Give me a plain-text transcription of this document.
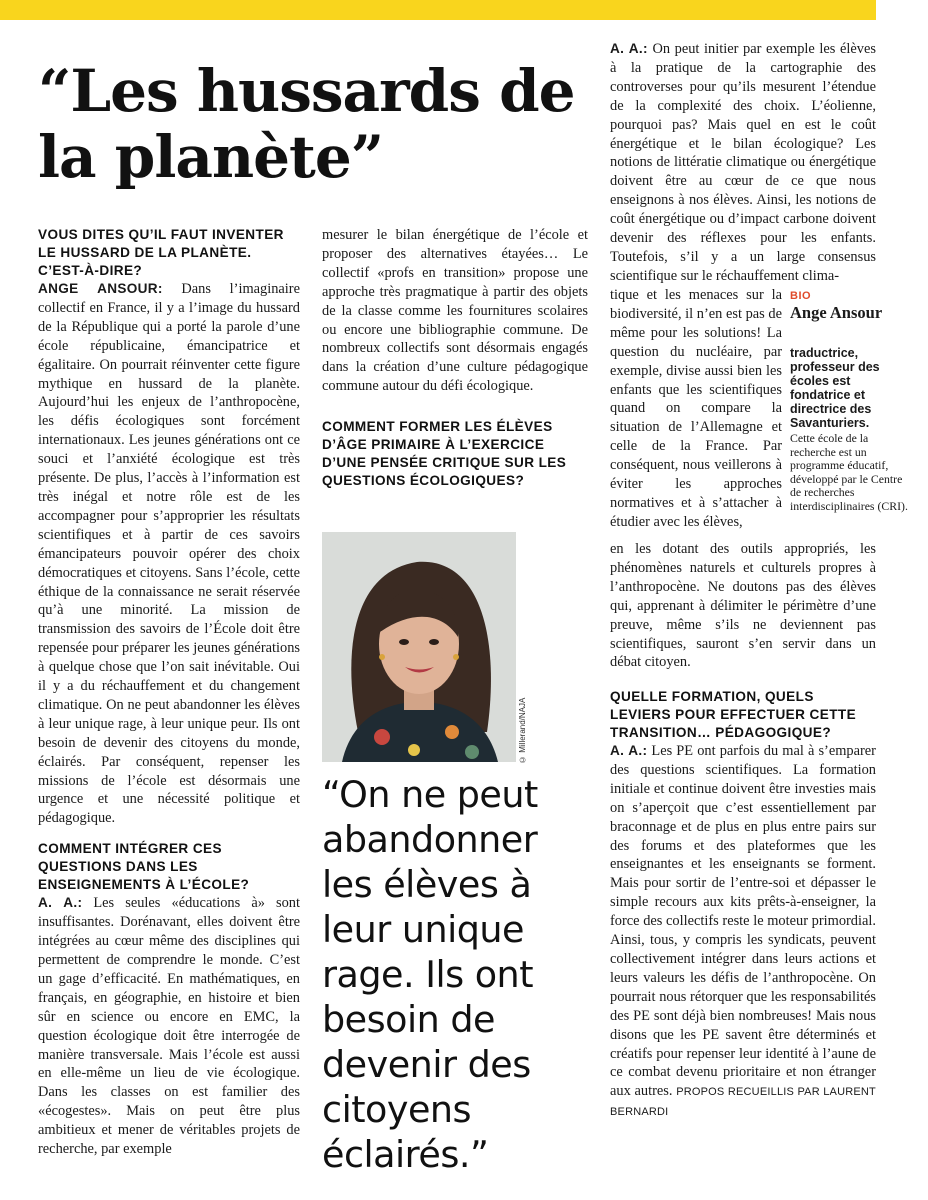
“Les hussards de la planète”

VOUS DITES QU’IL FAUT INVENTER LE HUSSARD DE LA PLANÈTE. C’EST-À-DIRE?

ANGE ANSOUR: Dans l’imaginaire collectif en France, il y a l’image du hussard de la République qui a porté la parole d’une école républicaine, émancipatrice et égalitaire. On pourrait réinventer cette figure mythique en hussard de la planète. Aujourd’hui les enjeux de l’anthropocène, les défis écologiques sont forcément internationaux. Les jeunes générations ont ce souci et l’anxiété écologique est très présente. De plus, l’accès à l’information est très inégal et notre rôle est de les accompagner pour s’approprier les résultats scientifiques et à partir de ces savoirs émancipateurs pouvoir opérer des choix démocratiques et citoyens. Sans l’école, cette éthique de la connaissance ne serait réservée qu’à une minorité. La mission de transmission des savoirs de l’École doit être repensée pour préparer les jeunes générations à quelque chose que l’on sait inévitable. Oui il y a du réchauffement et du changement climatique. On ne peut abandonner les élèves à leur unique rage, à leur unique peur. Ils ont besoin de devenir des citoyens du monde, éclairés. Par conséquent, repenser les missions de l’école est désormais une urgence et une nécessité politique et pédagogique.

COMMENT INTÉGRER CES QUESTIONS DANS LES ENSEIGNEMENTS À L’ÉCOLE?

A. A.: Les seules «éducations à» sont insuffisantes. Dorénavant, elles doivent être intégrées au cœur même des disciplines qui permettent de comprendre le monde. C’est un gage d’efficacité. En mathématiques, en français, en géographie, en histoire et bien sûr en science ou encore en EMC, la question écologique doit être interrogée de manière transversale. Mais l’école est aussi en elle-même un lieu de vie écologique. Dans les classes on est familier des «écogestes». Mais on peut être plus ambitieux et mener de véritables projets de recherche, par exemple

mesurer le bilan énergétique de l’école et proposer des alternatives étayées… Le collectif «profs en transition» propose une approche très pragmatique à partir des objets de la classe comme les fournitures scolaires ou encore une bibliographie commune. De nombreux collectifs sont désormais engagés dans la création d’une culture pédagogique commune autour du défi écologique.

COMMENT FORMER LES ÉLÈVES D’ÂGE PRIMAIRE À L’EXERCICE D’UNE PENSÉE CRITIQUE SUR LES QUESTIONS ÉCOLOGIQUES?

© Millerand/NAJA
“On ne peut abandonner les élèves à leur unique rage. Ils ont besoin de devenir des citoyens éclairés.”

A. A.: On peut initier par exemple les élèves à la pratique de la cartographie des controverses pour qu’ils mesurent l’étendue de la complexité des choix. L’éolienne, pourquoi pas? Mais quel en est le coût énergétique et le bilan écologique? Les notions de littératie climatique ou énergétique doivent être au cœur de ce que nous enseignons à nos élèves. Ainsi, les notions de coût énergétique ou d’impact carbone doivent devenir des réflexes pour les enfants. Toutefois, s’il y a un large consensus scientifique sur le réchauffement clima-

tique et les menaces sur la biodiversité, il n’en est pas de même pour les solutions! La question du nucléaire, par exemple, divise aussi bien les enfants que les scientifiques quand on compare la situation de l’Allemagne et celle de la France. Par conséquent, nous veillerons à éviter les approches normatives et à s’attacher à étudier avec les élèves,

en les dotant des outils appropriés, les phénomènes naturels et culturels propres à l’anthropocène. Ne doutons pas des élèves qui, apprenant à délimiter le périmètre d’une preuve, même s’ils ne deviennent pas scientifiques, sauront s’en servir dans un débat citoyen.

QUELLE FORMATION, QUELS LEVIERS POUR EFFECTUER CETTE TRANSITION… PÉDAGOGIQUE?

A. A.: Les PE ont parfois du mal à s’emparer des questions scientifiques. La formation initiale et continue doivent être investies mais on s’aperçoit que c’est essentiellement par braconnage et de plus en plus entre pairs sur des forums et des plateformes que les enseignantes et les enseignants se forment. Mais pour sortir de l’entre-soi et dépasser le simple recours aux kits prêts-à-enseigner, la force des collectifs reste le moteur primordial. Ainsi, tous, y compris les syndicats, peuvent collectivement intégrer dans leurs actions et leurs valeurs les défis de l’anthropocène. On pourrait nous rétorquer que les responsabilités des PE sont déjà bien nombreuses! Mais nous disons que les PE savent être déterminés et créatifs pour repenser leur identité à l’aune de ce combat devenu prioritaire et non étranger aux autres. PROPOS RECUEILLIS PAR LAURENT BERNARDI

BIO
Ange Ansour
traductrice, professeur des écoles est fondatrice et directrice des Savanturiers.
Cette école de la recherche est un programme éducatif, développé par le Centre de recherches interdisciplinaires (CRI).
